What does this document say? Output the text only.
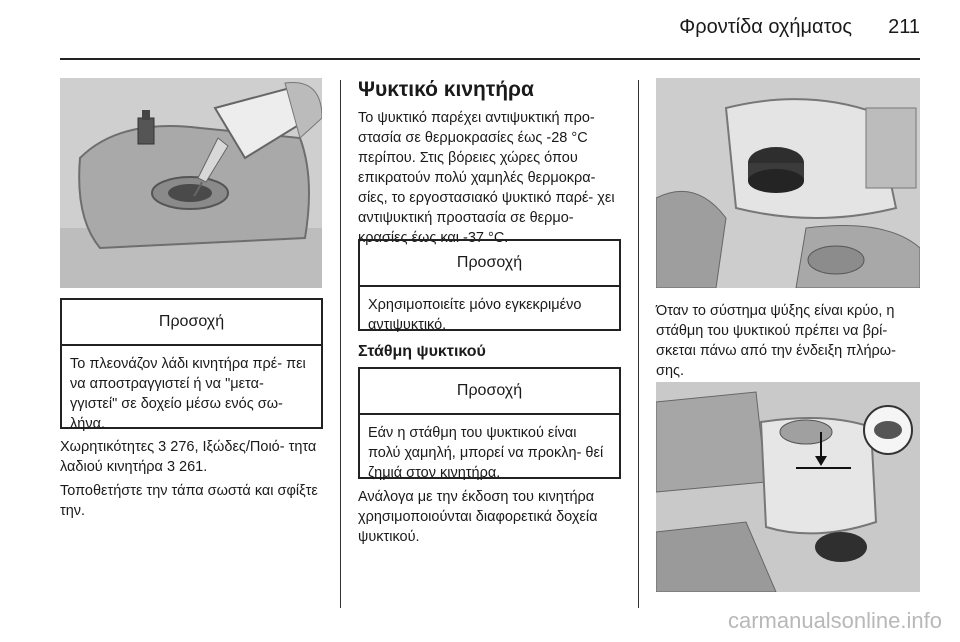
Φροντίδα οχήματος 211
Προσοχή
Το πλεονάζον λάδι κινητήρα πρέ- πει να αποστραγγιστεί ή να "μετα- γγιστεί" σε δοχείο μέσω ενός σω- λήνα.

Χωρητικότητες 3 276, Ιξώδες/Ποιό- τητα λαδιού κινητήρα 3 261.

Τοποθετήστε την τάπα σωστά και σφίξτε την.

Ψυκτικό κινητήρα

Το ψυκτικό παρέχει αντιψυκτική προ- στασία σε θερμοκρασίες έως -28 °C περίπου. Στις βόρειες χώρες όπου επικρατούν πολύ χαμηλές θερμοκρα- σίες, το εργοστασιακό ψυκτικό παρέ- χει αντιψυκτική προστασία σε θερμο- κρασίες έως και -37 °C.

Προσοχή
Χρησιμοποιείτε μόνο εγκεκριμένο αντιψυκτικό.
Στάθμη ψυκτικού
Προσοχή
Εάν η στάθμη του ψυκτικού είναι πολύ χαμηλή, μπορεί να προκλη- θεί ζημιά στον κινητήρα.

Ανάλογα με την έκδοση του κινητήρα χρησιμοποιούνται διαφορετικά δοχεία ψυκτικού.

Όταν το σύστημα ψύξης είναι κρύο, η στάθμη του ψυκτικού πρέπει να βρί- σκεται πάνω από την ένδειξη πλήρω- σης.

carmanualsonline.info
